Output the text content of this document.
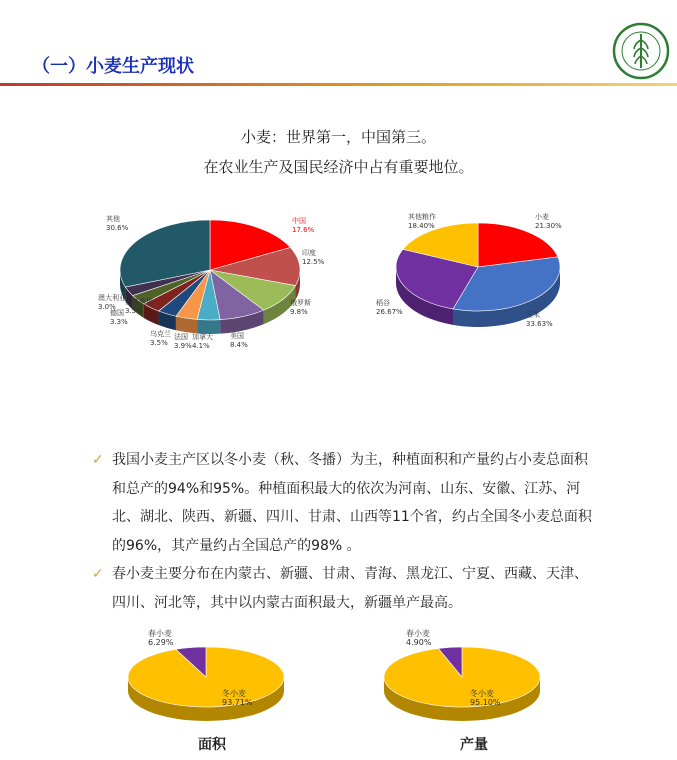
（一）小麦生产现状
小麦：世界第一，中国第三。
在农业生产及国民经济中占有重要地位。
中国
17.6%
印度
12.5%
俄罗斯
9.8%
美国
8.4%
加拿大
4.1%
法国
3.9%
乌克兰
3.5%
巴基斯坦
3.5%
德国
3.3%
澳大利亚
3.0%
其他
30.6%
小麦
21.30%
玉米
33.63%
稻谷
26.67%
其他粮作
18.40%
✓ 我国小麦主产区以冬小麦（秋、冬播）为主，种植面积和产量约占小麦总面积和总产的94%和95%。种植面积最大的依次为河南、山东、安徽、江苏、河北、湖北、陕西、新疆、四川、甘肃、山西等11个省，约占全国冬小麦总面积的96%，其产量约占全国总产的98% 。
✓ 春小麦主要分布在内蒙古、新疆、甘肃、青海、黑龙江、宁夏、西藏、天津、四川、河北等，其中以内蒙古面积最大，新疆单产最高。
冬小麦
93.71%
春小麦
6.29%
面积
冬小麦
95.10%
春小麦
4.90%
产量
